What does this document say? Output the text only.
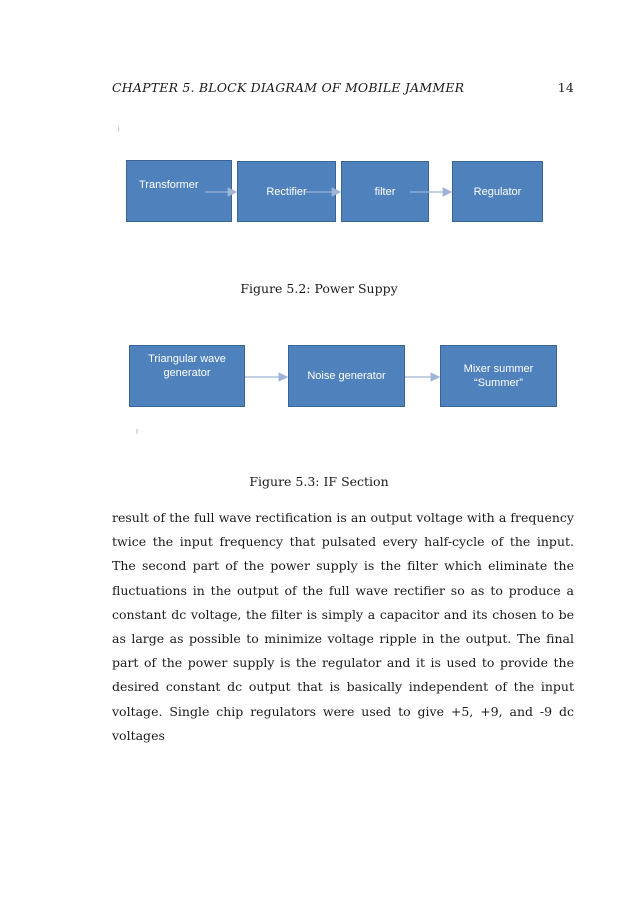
CHAPTER 5. BLOCK DIAGRAM OF MOBILE JAMMER	14
i
Transformer
Rectifier	filter	Regulator
Figure 5.2: Power Suppy
Triangular wave
generator	Noise generator
Mixer summer
“Summer”
I
Figure 5.3: IF Section
result of the full wave rectification is an output voltage with a frequency twice the input frequency that pulsated every half-cycle of the input. The second part of the power supply is the filter which eliminate the fluctuations in the output of the full wave rectifier so as to produce a constant dc voltage, the filter is simply a capacitor and its chosen to be as large as possible to minimize voltage ripple in the output. The final part of the power supply is the regulator and it is used to provide the desired constant dc output that is basically independent of the input voltage. Single chip regulators were used to give +5, +9, and -9 dc voltages
